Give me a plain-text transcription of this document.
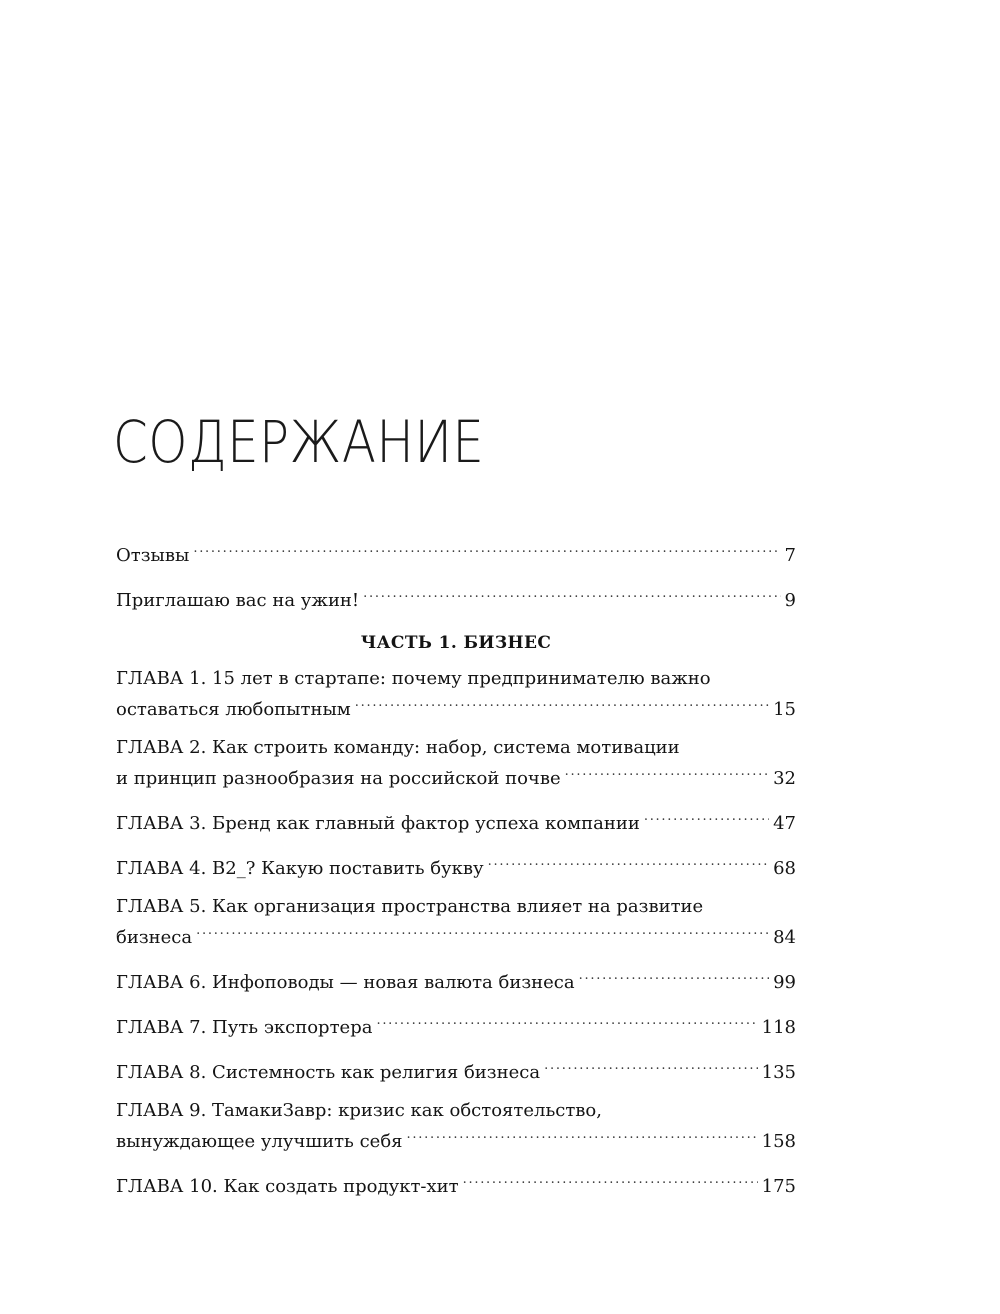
СОДЕРЖАНИЕ
Отзывы . . .	7
Приглашаю вас на ужин! . . .	9
ЧАСТЬ 1. БИЗНЕС
ГЛАВА 1. 15 лет в стартапе: почему предпринимателю важно
оставаться любопытным . . .	15
ГЛАВА 2. Как строить команду: набор, система мотивации
и принцип разнообразия на российской почве . . .	32
ГЛАВА 3. Бренд как главный фактор успеха компании . . .	47
ГЛАВА 4. B2_? Какую поставить букву . . .	68
ГЛАВА 5. Как организация пространства влияет на развитие
бизнеса . . .	84
ГЛАВА 6. Инфоповоды — новая валюта бизнеса . . .	99
ГЛАВА 7. Путь экспортера . . .	118
ГЛАВА 8. Системность как религия бизнеса . . .	135
ГЛАВА 9. ТамакиЗавр: кризис как обстоятельство,
вынуждающее улучшить себя . . .	158
ГЛАВА 10. Как создать продукт-хит . . .	175
